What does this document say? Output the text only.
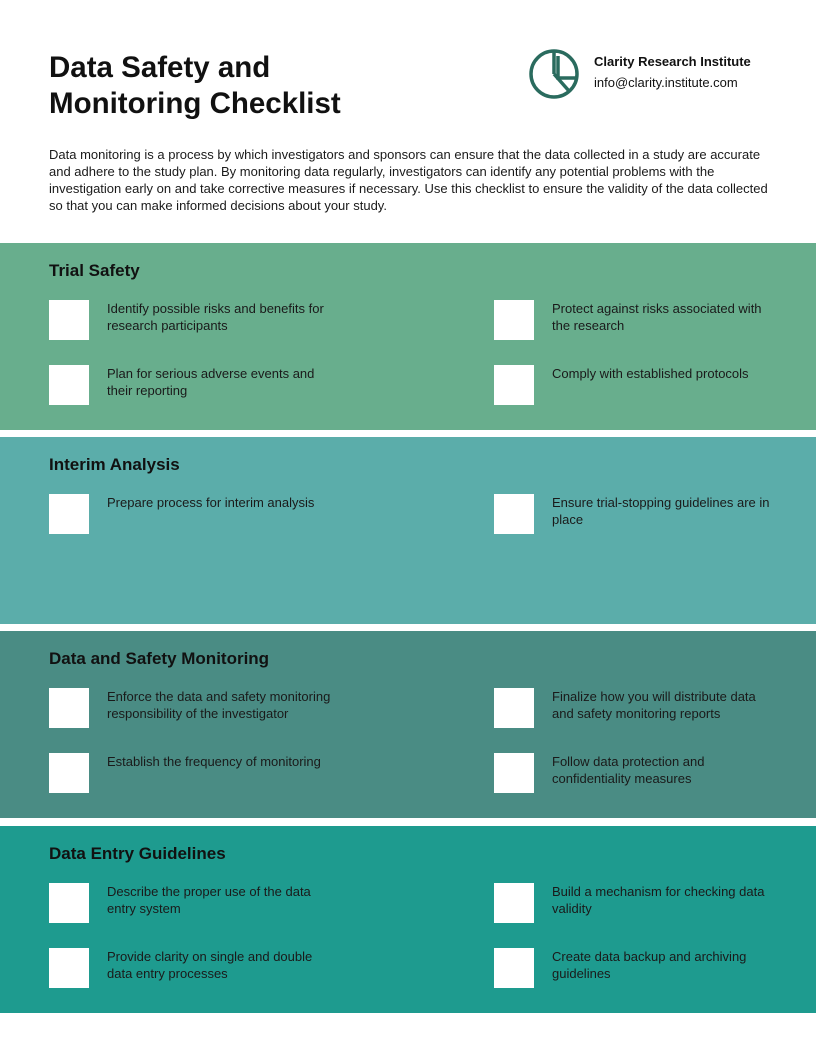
Data Safety and
Monitoring Checklist
Clarity Research Institute
info@clarity.institute.com

Data monitoring is a process by which investigators and sponsors can ensure that the data collected in a study are accurate and adhere to the study plan. By monitoring data regularly, investigators can identify any potential problems with the investigation early on and take corrective measures if necessary. Use this checklist to ensure the validity of the data collected so that you can make informed decisions about your study.

Trial Safety
Identify possible risks and benefits for research participants
Protect against risks associated with the research
Plan for serious adverse events and their reporting
Comply with established protocols
Interim Analysis
Prepare process for interim analysis	Ensure trial-stopping guidelines are in place
Data and Safety Monitoring
Enforce the data and safety monitoring responsibility of the investigator
Finalize how you will distribute data and safety monitoring reports
Establish the frequency of monitoring	Follow data protection and confidentiality measures
Data Entry Guidelines
Describe the proper use of the data entry system
Build a mechanism for checking data validity
Provide clarity on single and double data entry processes
Create data backup and archiving guidelines
